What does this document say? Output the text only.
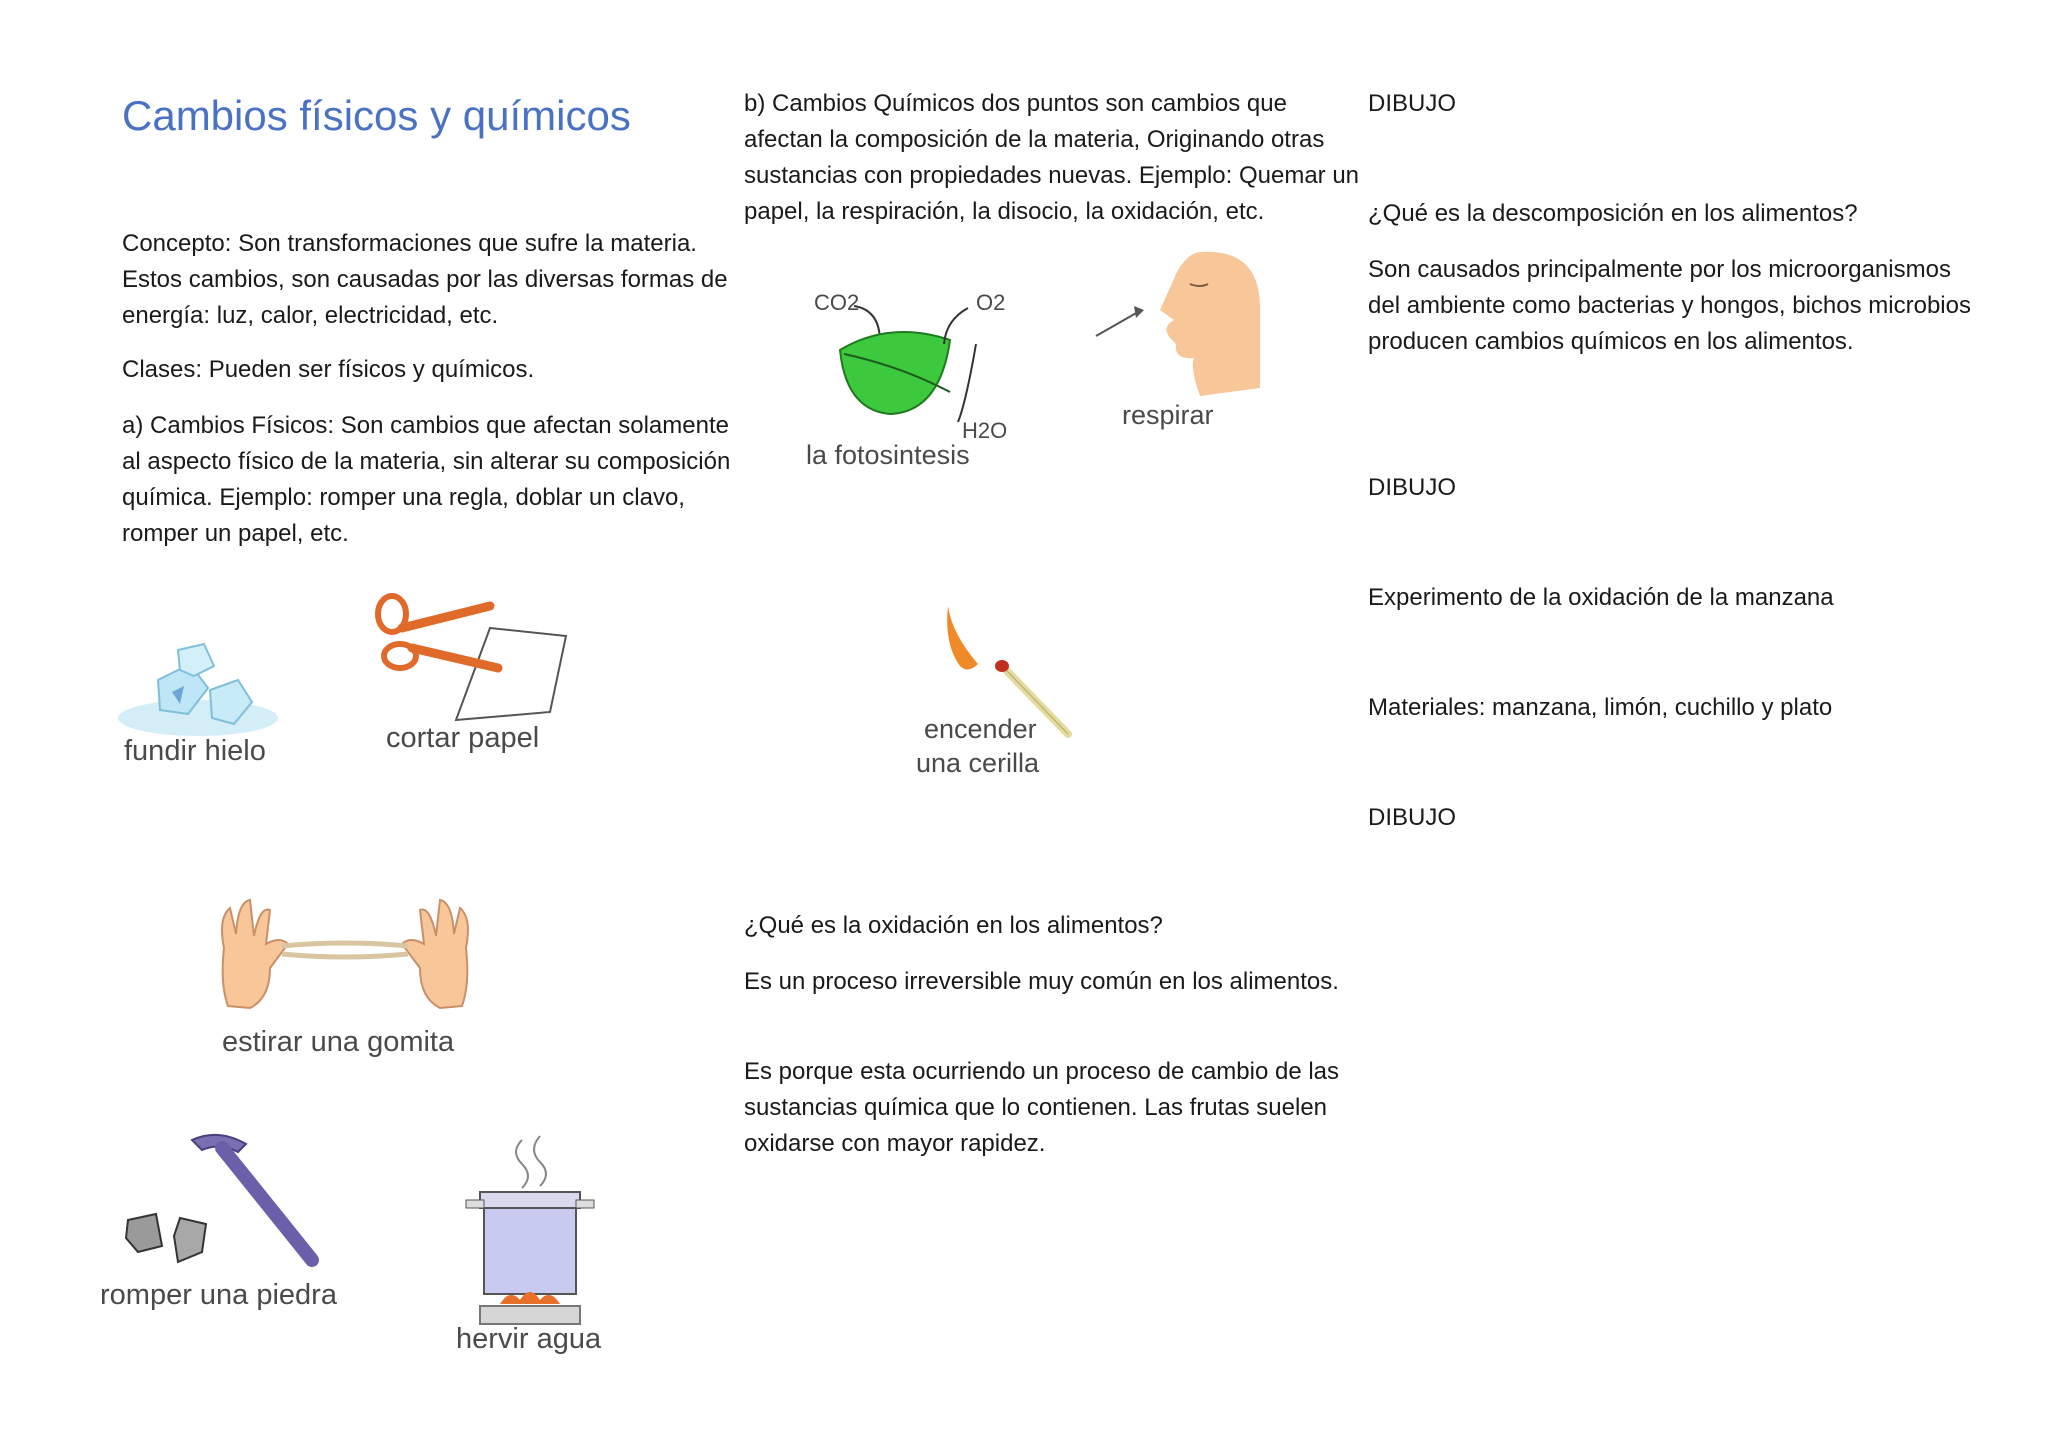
Cambios físicos y químicos

Concepto: Son transformaciones que sufre la materia. Estos cambios, son causadas por las diversas formas de energía: luz, calor, electricidad, etc.

Clases: Pueden ser físicos y químicos.

a) Cambios Físicos: Son cambios que afectan solamente al aspecto físico de la materia, sin alterar su composición química. Ejemplo: romper una regla, doblar un clavo, romper un papel, etc.

fundir hielo	cortar papel
estirar una gomita
romper una piedra
hervir agua

b) Cambios Químicos dos puntos son cambios que afectan la composición de la materia, Originando otras sustancias con propiedades nuevas. Ejemplo: Quemar un papel, la respiración, la disocio, la oxidación, etc.

CO2	O2
H2O
la fotosintesis
respirar
encender
una cerilla

¿Qué es la oxidación en los alimentos?

Es un proceso irreversible muy común en los alimentos.

Es porque esta ocurriendo un proceso de cambio de las sustancias química que lo contienen. Las frutas suelen oxidarse con mayor rapidez.

DIBUJO

¿Qué es la descomposición en los alimentos?

Son causados principalmente por los microorganismos del ambiente como bacterias y hongos, bichos microbios producen cambios químicos en los alimentos.

DIBUJO

Experimento de la oxidación de la manzana

Materiales: manzana, limón, cuchillo y plato

DIBUJO
